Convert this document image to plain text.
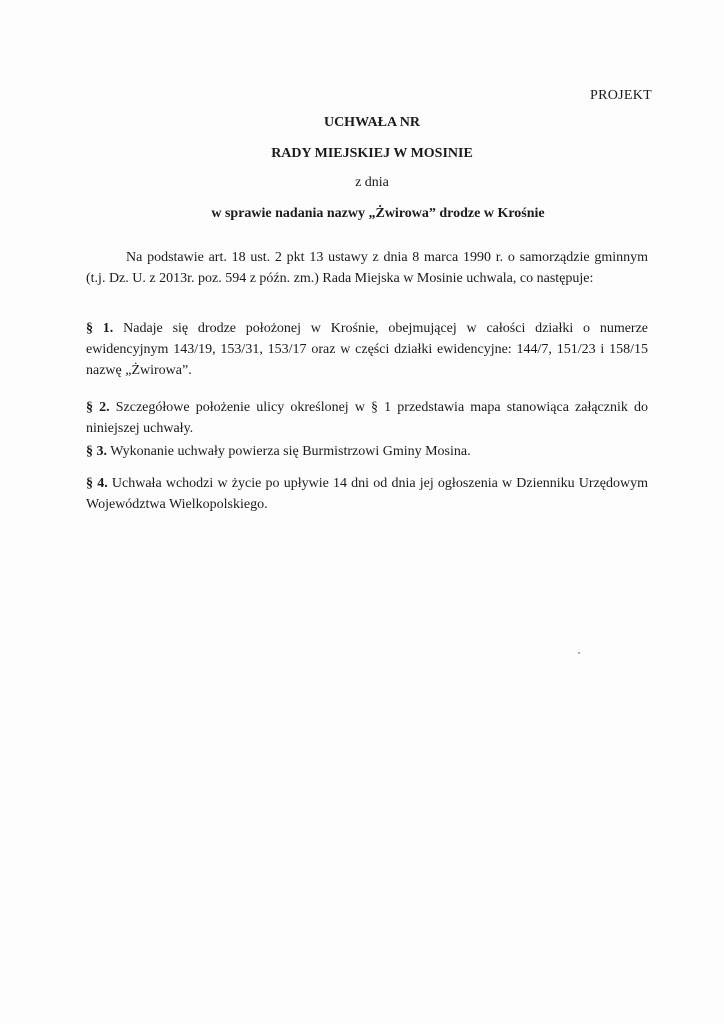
PROJEKT
UCHWAŁA NR
RADY MIEJSKIEJ W MOSINIE
z dnia
w sprawie nadania nazwy „Żwirowa” drodze w Krośnie
Na podstawie art. 18 ust. 2 pkt 13 ustawy z dnia 8 marca 1990 r. o samorządzie gminnym (t.j. Dz. U. z 2013r. poz. 594 z późn. zm.) Rada Miejska w Mosinie uchwala, co następuje:
§ 1. Nadaje się drodze położonej w Krośnie, obejmującej w całości działki o numerze ewidencyjnym 143/19, 153/31, 153/17 oraz w części działki ewidencyjne: 144/7, 151/23 i 158/15 nazwę „Żwirowa”.
§ 2. Szczegółowe położenie ulicy określonej w § 1 przedstawia mapa stanowiąca załącznik do niniejszej uchwały.
§ 3. Wykonanie uchwały powierza się Burmistrzowi Gminy Mosina.
§ 4. Uchwała wchodzi w życie po upływie 14 dni od dnia jej ogłoszenia w Dzienniku Urzędowym Województwa Wielkopolskiego.
